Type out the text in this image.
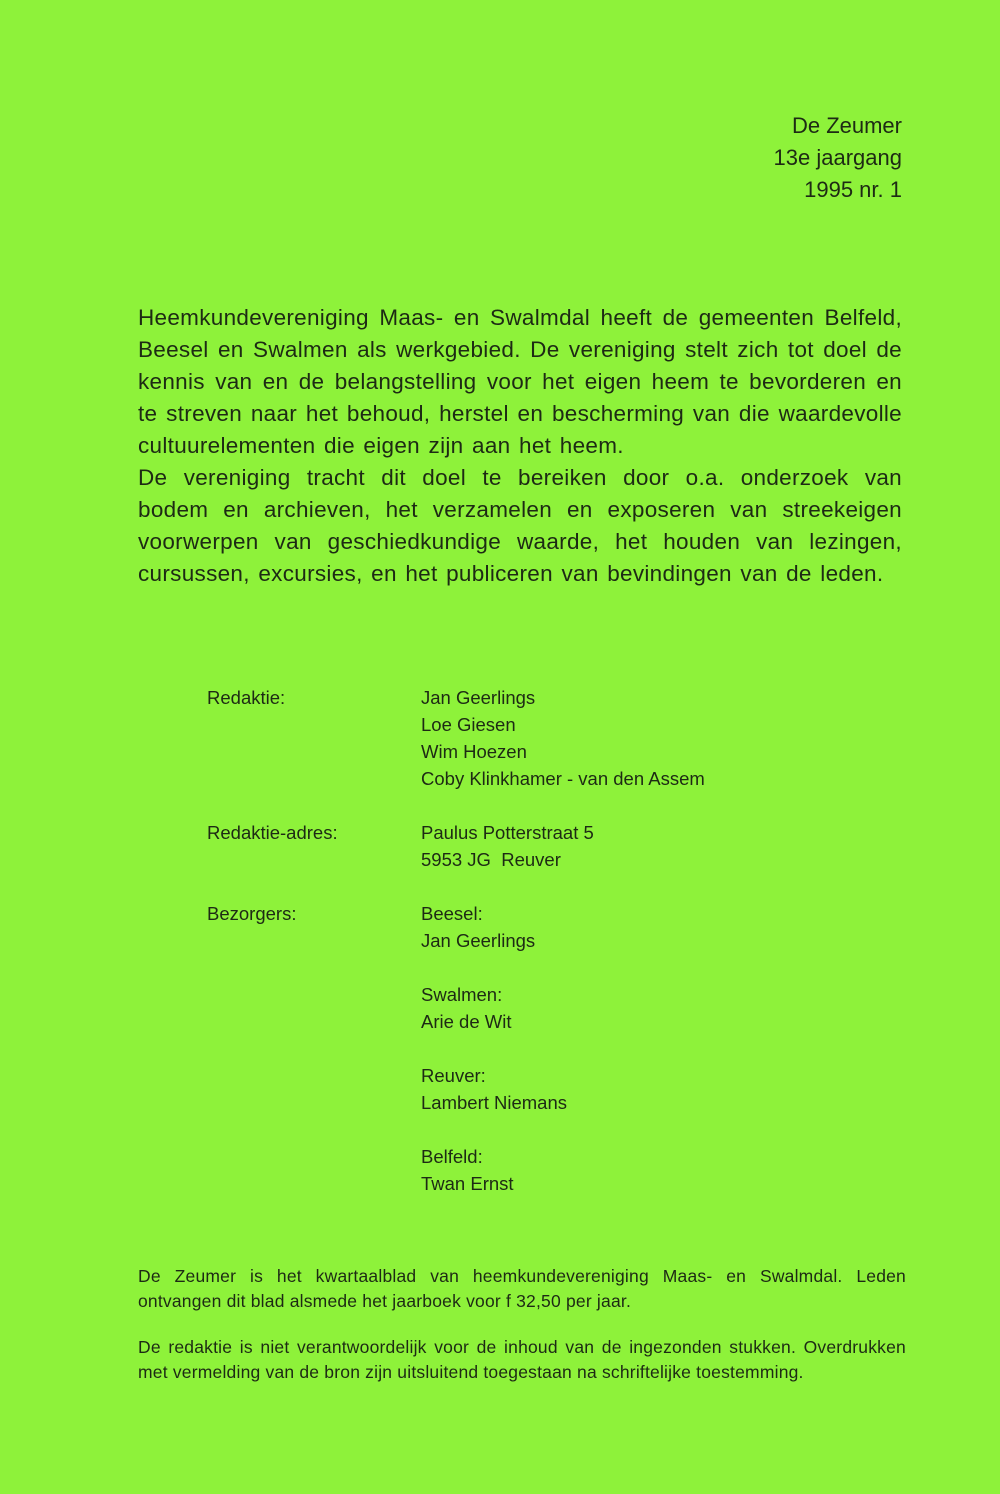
De Zeumer
13e jaargang
1995 nr. 1

Heemkundevereniging Maas- en Swalmdal heeft de gemeenten Belfeld, Beesel en Swalmen als werkgebied. De vereniging stelt zich tot doel de kennis van en de belangstelling voor het eigen heem te bevorderen en te streven naar het behoud, herstel en bescherming van die waardevolle cultuurelementen die eigen zijn aan het heem.

De vereniging tracht dit doel te bereiken door o.a. onderzoek van bodem en archieven, het verzamelen en exposeren van streekeigen voorwerpen van geschiedkundige waarde, het houden van lezingen, cursussen, excursies, en het publiceren van bevindingen van de leden.

Redaktie:	Jan Geerlings
Loe Giesen
Wim Hoezen
Coby Klinkhamer - van den Assem
Redaktie-adres:	Paulus Potterstraat 5
5953 JG  Reuver
Bezorgers:	Beesel:
Jan Geerlings
Swalmen:
Arie de Wit
Reuver:
Lambert Niemans
Belfeld:
Twan Ernst

De Zeumer is het kwartaalblad van heemkundevereniging Maas- en Swalmdal. Leden ontvangen dit blad alsmede het jaarboek voor f 32,50 per jaar.

De redaktie is niet verantwoordelijk voor de inhoud van de ingezonden stukken. Overdrukken met vermelding van de bron zijn uitsluitend toegestaan na schriftelijke toestemming.
